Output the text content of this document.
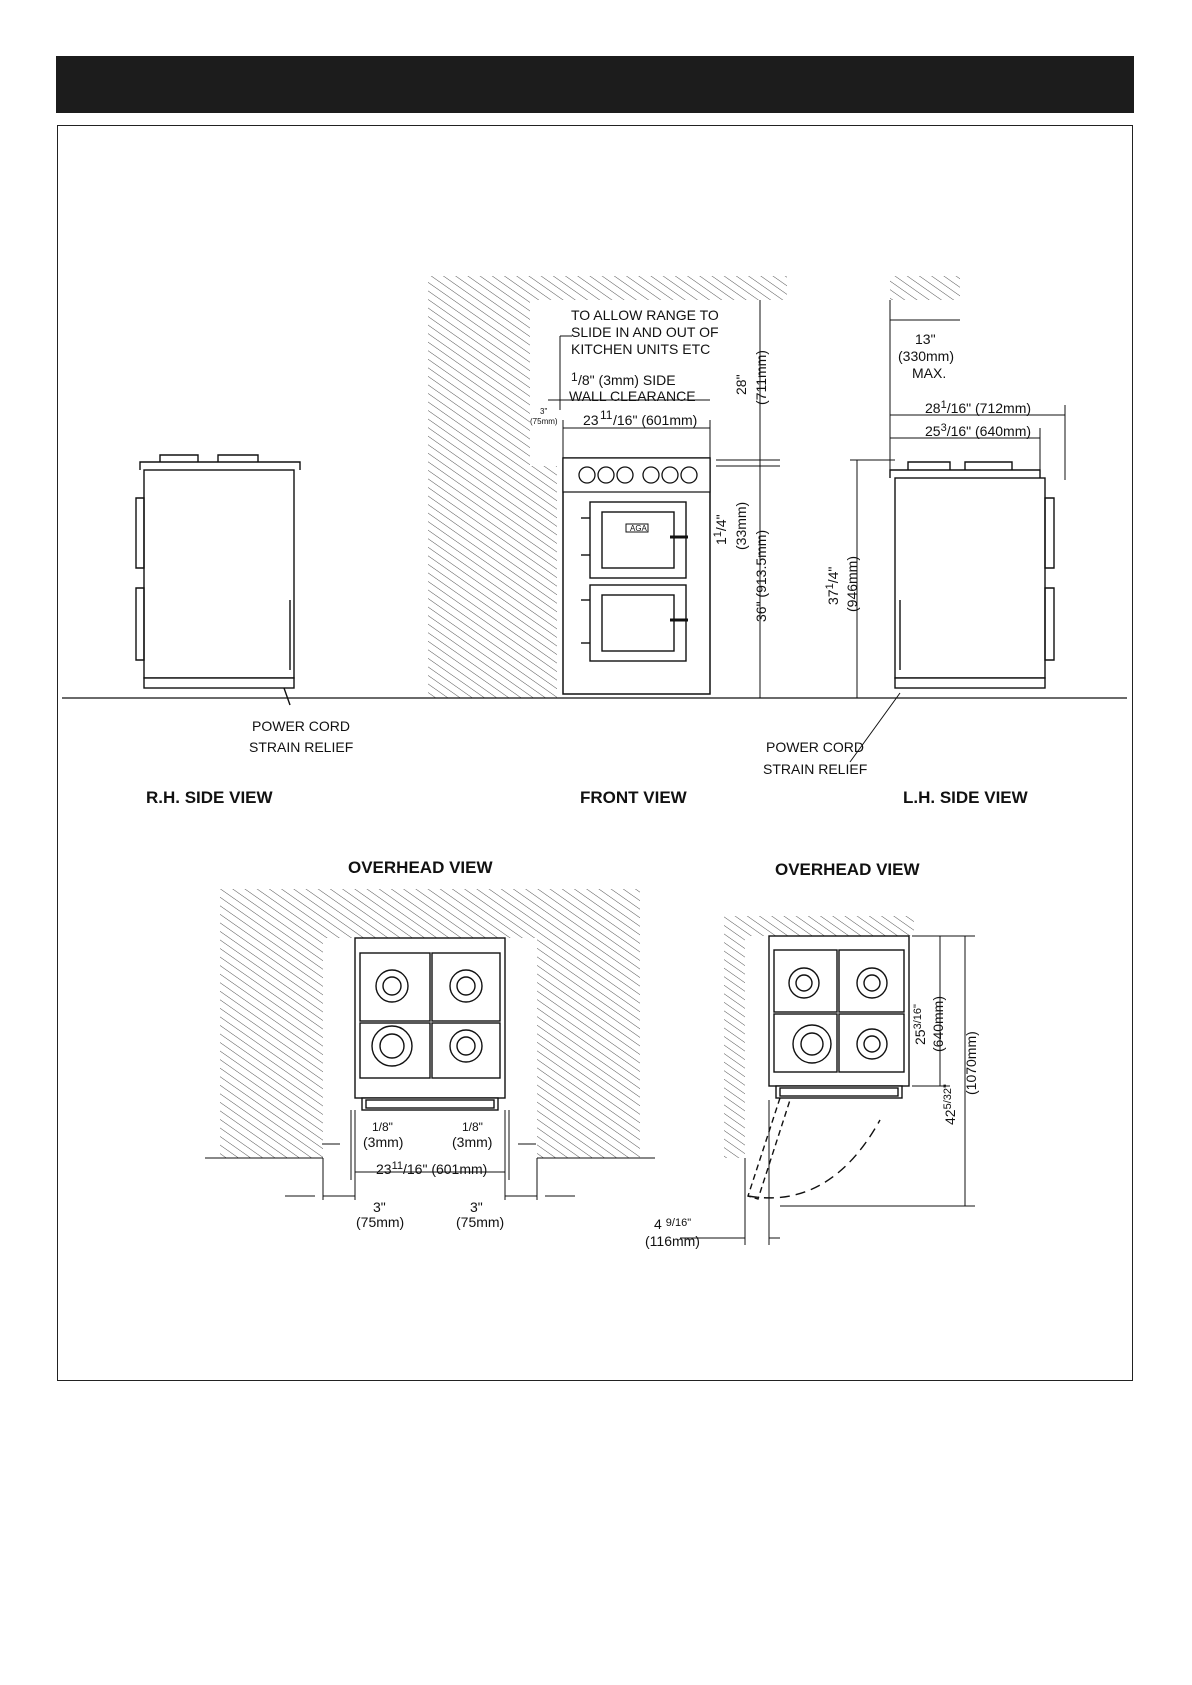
AGA
TO ALLOW RANGE TO
SLIDE IN AND OUT OF
KITCHEN UNITS ETC
1 /8" (3mm) SIDE
WALL CLEARANCE
3"
(75mm) 23 11 /16" (601mm)
28" (711mm)
$1^1/4$" (33mm)
36" (913.5mm)
POWER CORD
STRAIN RELIEF
R.H. SIDE VIEW
13"
(330mm)
MAX.
$28^1/16$" (712mm)
$25^3/16$" (640mm)
$37^1/4$" (946mm)
POWER CORD
STRAIN RELIEF
FRONT VIEW	L.H. SIDE VIEW
OVERHEAD VIEW
1/8"
(3mm)
1/8"
(3mm)
$23^{11}/16$" (601mm)
3"
(75mm)
3"
(75mm)
OVERHEAD VIEW
4 $^{9/16"}$
(116mm)
$25^{3/16"}$ (640mm)
$42^{5/32"}$
(1070mm)
